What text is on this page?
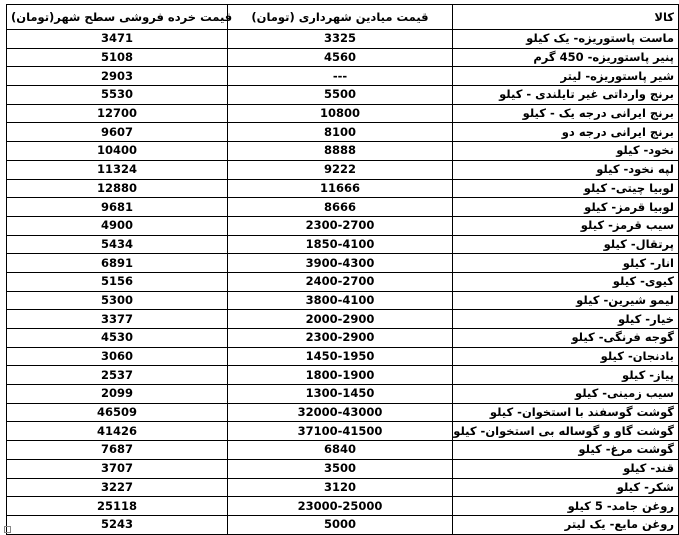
قیمت خرده فروشی سطح شهر(تومان)	قیمت میادین شهرداری (تومان)	کالا
3471	3325	ماست پاستوریزه- یک کیلو
5108	4560	پنیر پاستوریزه- 450 گرم
2903	---	شیر پاستوریزه- لیتر
5530	5500	برنج وارداتی غیر تایلندی - کیلو
12700	10800	برنج ایرانی درجه یک - کیلو
9607	8100	برنج ایرانی درجه دو
10400	8888	نخود- کیلو
11324	9222	لپه نخود- کیلو
12880	11666	لوبیا چیتی- کیلو
9681	8666	لوبیا قرمز- کیلو
4900	2300-2700	سیب قرمز- کیلو
5434	1850-4100	پرتقال- کیلو
6891	3900-4300	انار- کیلو
5156	2400-2700	کیوی- کیلو
5300	3800-4100	لیمو شیرین- کیلو
3377	2000-2900	خیار- کیلو
4530	2300-2900	گوجه فرنگی- کیلو
3060	1450-1950	بادنجان- کیلو
2537	1800-1900	پیاز- کیلو
2099	1300-1450	سیب زمینی- کیلو
46509	32000-43000	گوشت گوسفند با استخوان- کیلو
41426	37100-41500	گوشت گاو و گوساله بی استخوان- کیلو
7687	6840	گوشت مرغ- کیلو
3707	3500	قند- کیلو
3227	3120	شکر- کیلو
25118	23000-25000	روغن جامد- 5 کیلو
5243	5000	روغن مایع- یک لیتر
